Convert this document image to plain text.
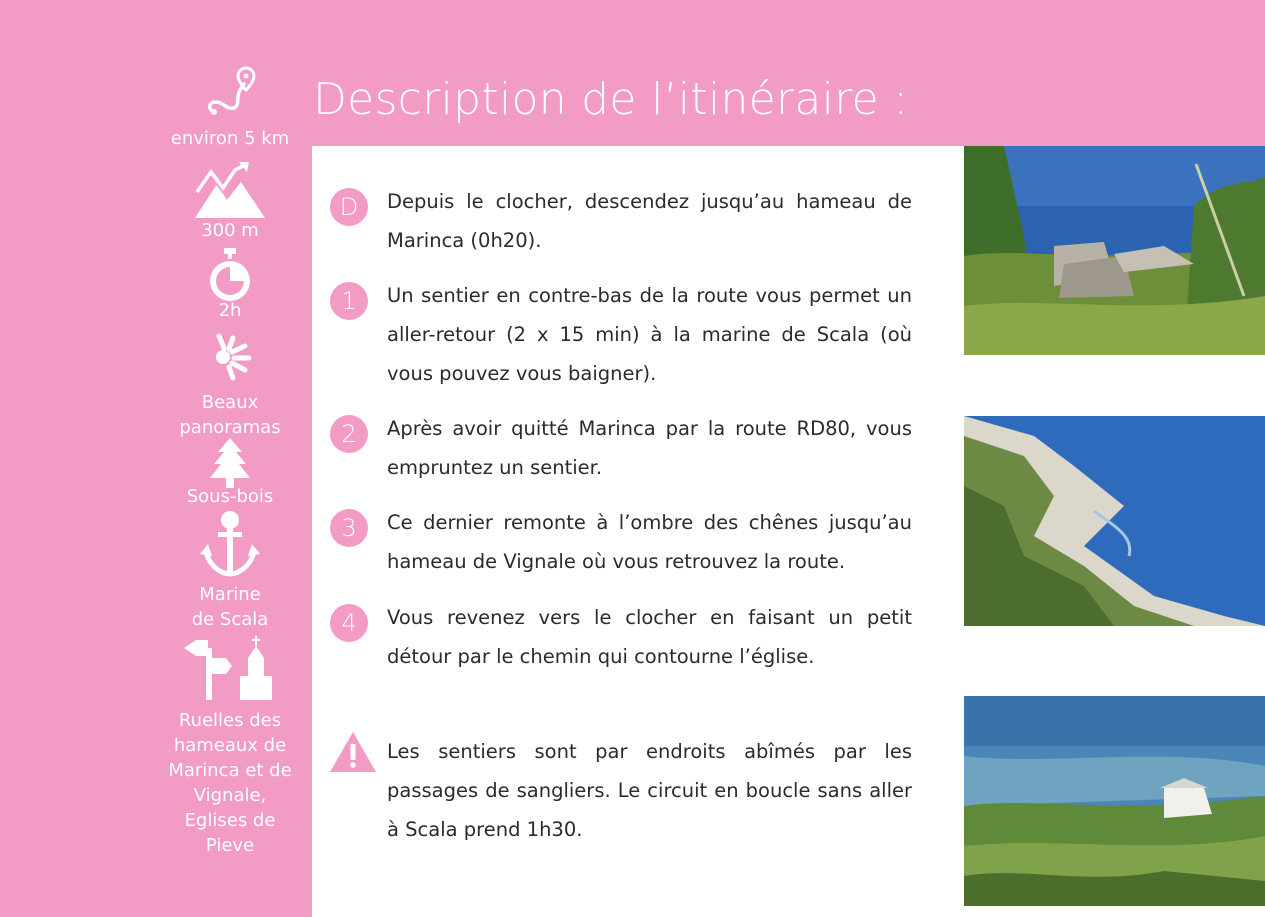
Description de l’itinéraire :
environ 5 km
300 m
2h
Beaux panoramas
Sous-bois
Marine de Scala
Ruelles des hameaux de Marinca et de Vignale, Eglises de Pieve
D	Depuis le clocher, descendez jusqu’au hameau de Marinca (0h20).

1	Un sentier en contre-bas de la route vous permet un aller-retour (2 x 15 min) à la marine de Scala (où vous pouvez vous baigner).

2	Après avoir quitté Marinca par la route RD80, vous empruntez un sentier.

3	Ce dernier remonte à l’ombre des chênes jusqu’au hameau de Vignale où vous retrouvez la route.

4	Vous revenez vers le clocher en faisant un petit détour par le chemin qui contourne l’église.

Les sentiers sont par endroits abîmés par les passages de sangliers. Le circuit en boucle sans aller à Scala prend 1h30.
